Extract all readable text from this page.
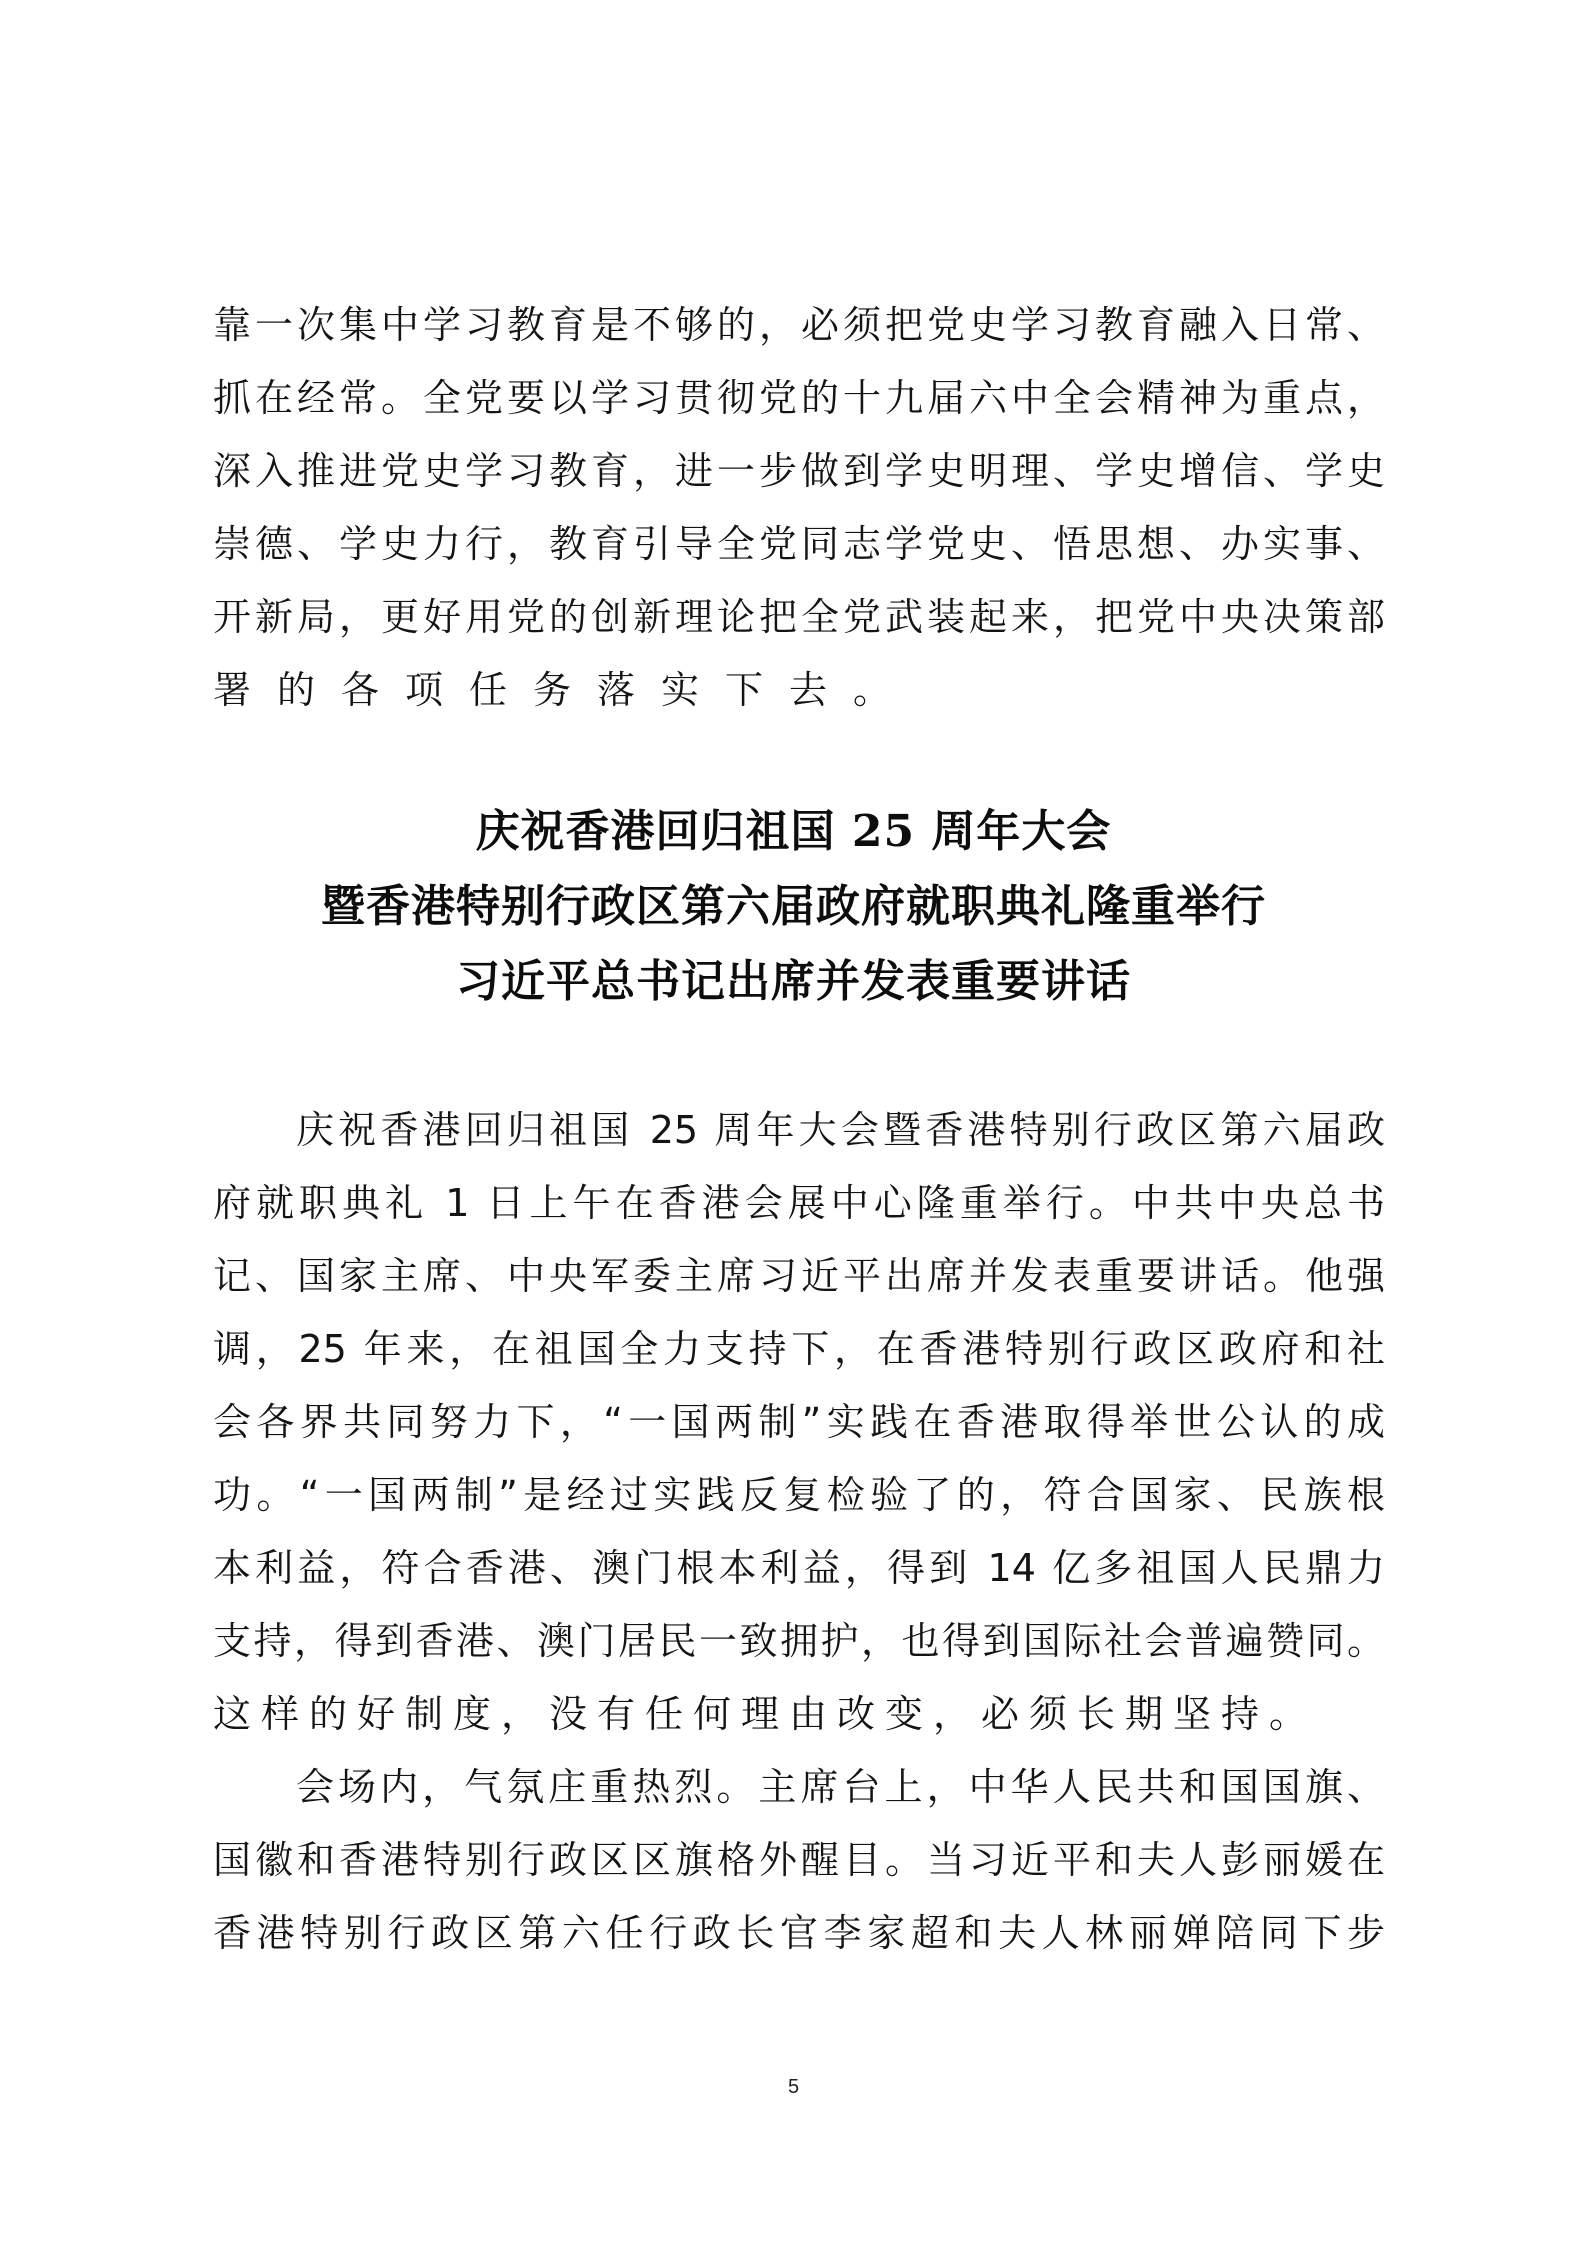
靠一次集中学习教育是不够的，必须把党史学习教育融入日常、
抓在经常。全党要以学习贯彻党的十九届六中全会精神为重点，
深入推进党史学习教育，进一步做到学史明理、学史增信、学史
崇德、学史力行，教育引导全党同志学党史、悟思想、办实事、
开新局，更好用党的创新理论把全党武装起来，把党中央决策部
署的各项任务落实下去。
庆祝香港回归祖国 25 周年大会
暨香港特别行政区第六届政府就职典礼隆重举行
习近平总书记出席并发表重要讲话
庆祝香港回归祖国 25 周年大会暨香港特别行政区第六届政
府就职典礼 1 日上午在香港会展中心隆重举行。中共中央总书
记、国家主席、中央军委主席习近平出席并发表重要讲话。他强
调，25 年来，在祖国全力支持下，在香港特别行政区政府和社
会各界共同努力下，“一国两制”实践在香港取得举世公认的成
功。“一国两制”是经过实践反复检验了的，符合国家、民族根
本利益，符合香港、澳门根本利益，得到 14 亿多祖国人民鼎力
支持，得到香港、澳门居民一致拥护，也得到国际社会普遍赞同。
这样的好制度，没有任何理由改变，必须长期坚持。
会场内，气氛庄重热烈。主席台上，中华人民共和国国旗、
国徽和香港特别行政区区旗格外醒目。当习近平和夫人彭丽媛在
香港特别行政区第六任行政长官李家超和夫人林丽婵陪同下步
5
